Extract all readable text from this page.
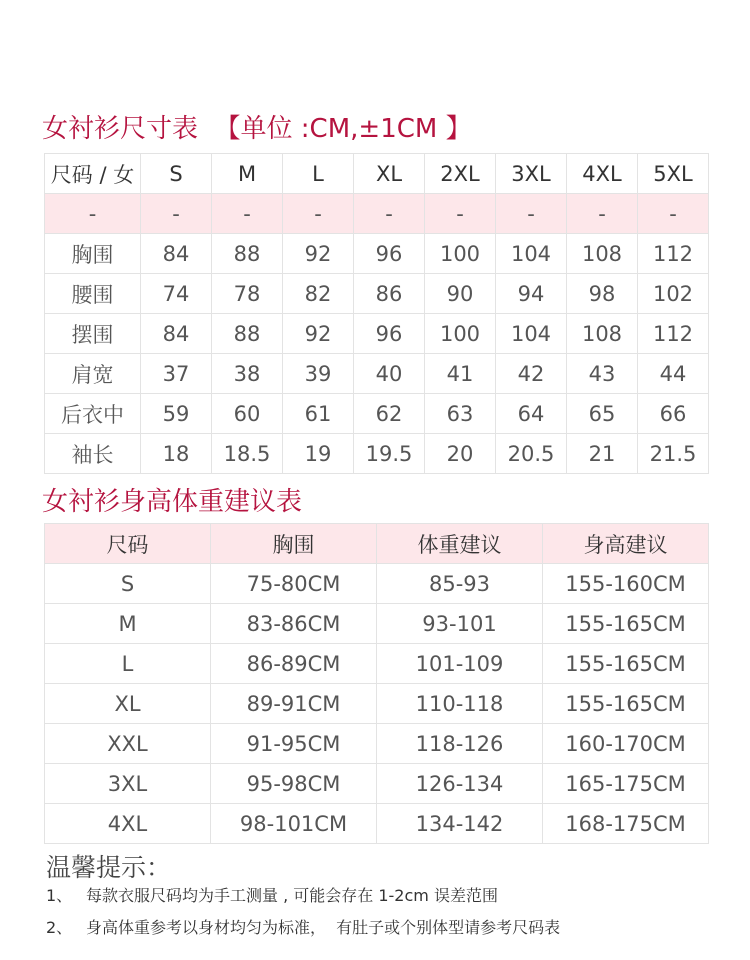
女衬衫尺寸表  【单位 :CM,±1CM 】
尺码 / 女	S	M	L	XL	2XL	3XL	4XL	5XL
-	-	-	-	-	-	-	-	-
胸围	84	88	92	96	100	104	108	112
腰围	74	78	82	86	90	94	98	102
摆围	84	88	92	96	100	104	108	112
肩宽	37	38	39	40	41	42	43	44
后衣中	59	60	61	62	63	64	65	66
袖长	18	18.5	19	19.5	20	20.5	21	21.5
女衬衫身高体重建议表
尺码	胸围	体重建议	身高建议
S	75-80CM	85-93	155-160CM
M	83-86CM	93-101	155-165CM
L	86-89CM	101-109	155-165CM
XL	89-91CM	110-118	155-165CM
XXL	91-95CM	118-126	160-170CM
3XL	95-98CM	126-134	165-175CM
4XL	98-101CM	134-142	168-175CM
温馨提示：
1、 每款衣服尺码均为手工测量 , 可能会存在 1-2cm 误差范围
2、 身高体重参考以身材均匀为标准，  有肚子或个别体型请参考尺码表
